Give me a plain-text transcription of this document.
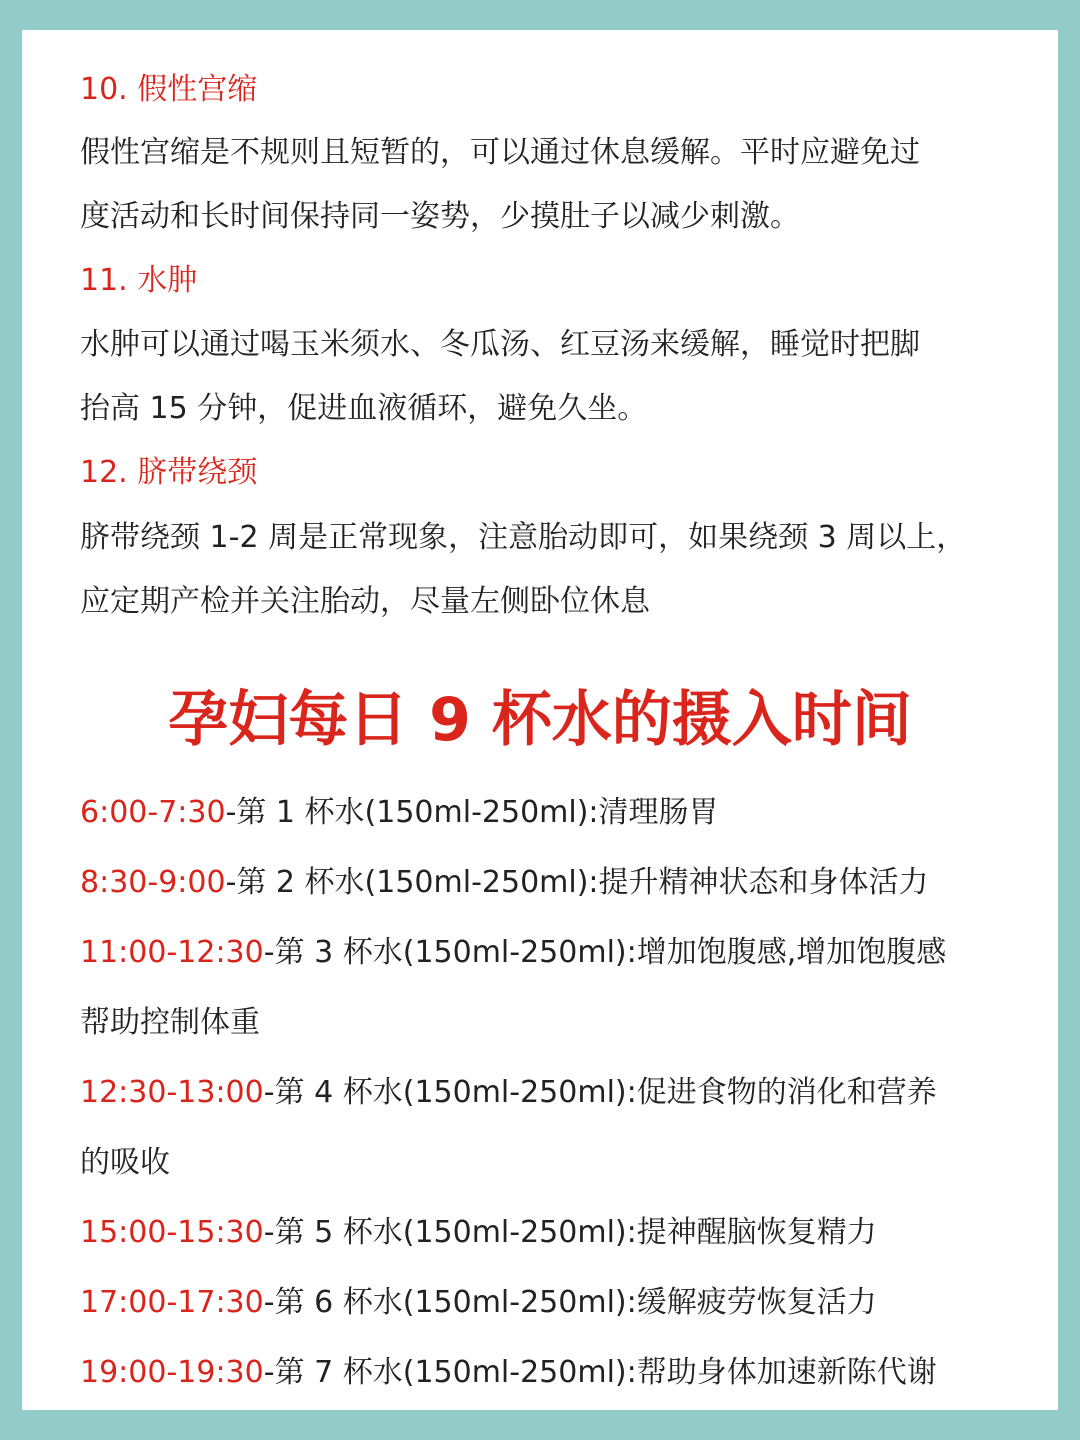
10. 假性宫缩

假性宫缩是不规则且短暂的，可以通过休息缓解。平时应避免过

度活动和长时间保持同一姿势，少摸肚子以减少刺激。

11. 水肿

水肿可以通过喝玉米须水、冬瓜汤、红豆汤来缓解，睡觉时把脚

抬高 15 分钟，促进血液循环，避免久坐。

12. 脐带绕颈

脐带绕颈 1-2 周是正常现象，注意胎动即可，如果绕颈 3 周以上，

应定期产检并关注胎动，尽量左侧卧位休息

孕妇每日 9 杯水的摄入时间

6:00-7:30-第 1 杯水(150ml-250ml):清理肠胃

8:30-9:00-第 2 杯水(150ml-250ml):提升精神状态和身体活力

11:00-12:30-第 3 杯水(150ml-250ml):增加饱腹感,增加饱腹感

帮助控制体重

12:30-13:00-第 4 杯水(150ml-250ml):促进食物的消化和营养

的吸收

15:00-15:30-第 5 杯水(150ml-250ml):提神醒脑恢复精力

17:00-17:30-第 6 杯水(150ml-250ml):缓解疲劳恢复活力

19:00-19:30-第 7 杯水(150ml-250ml):帮助身体加速新陈代谢
